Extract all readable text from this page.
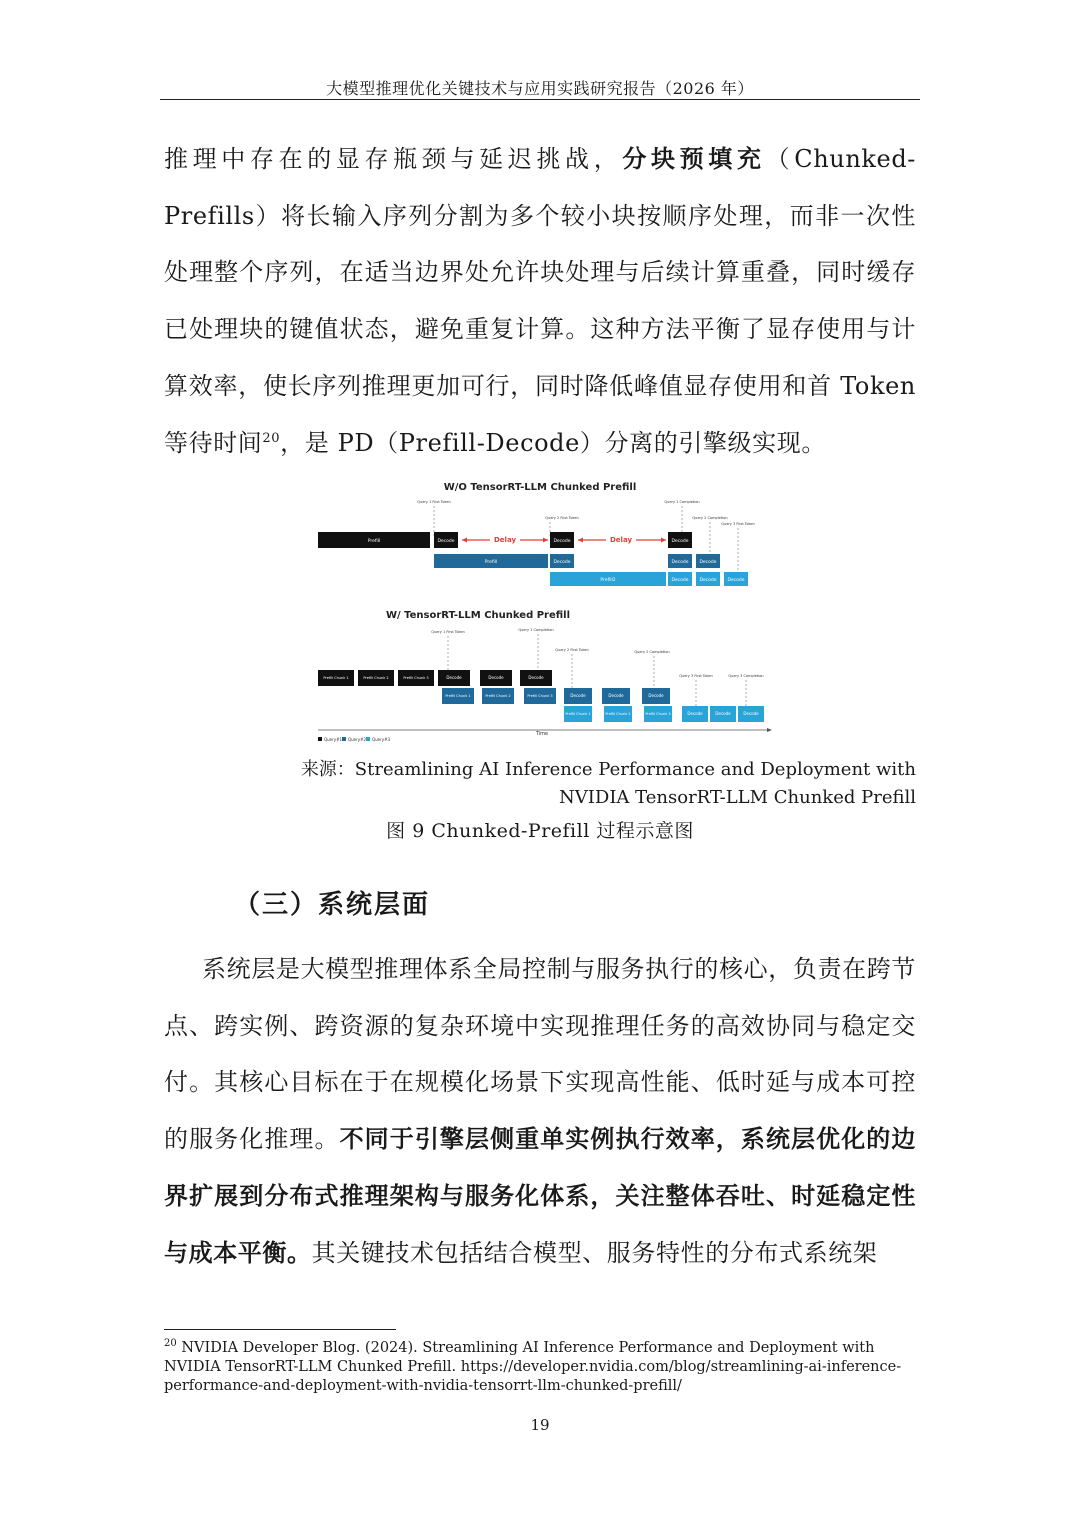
大模型推理优化关键技术与应用实践研究报告（2026 年）

推理中存在的显存瓶颈与延迟挑战，分块预填充（Chunked-Prefills）将长输入序列分割为多个较小块按顺序处理，而非一次性处理整个序列，在适当边界处允许块处理与后续计算重叠，同时缓存已处理块的键值状态，避免重复计算。这种方法平衡了显存使用与计算效率，使长序列推理更加可行，同时降低峰值显存使用和首 Token 等待时间$^{20}$，是 PD（Prefill-Decode）分离的引擎级实现。

W/O TensorRT-LLM Chunked Prefill
Query 1 First Token
Query 2 First Token
Query 1 Completion
Query 2 Completion
Query 3 First Token
Prefill	Decode	Delay	Decode	Delay	Decode
Prefill	Decode	Decode Decode
Prefill2	Decode Decode Decode
W/ TensorRT-LLM Chunked Prefill
Query 1 First Token	Query 1 Completion
Query 2 First Token	Query 2 Completion
Query 3 First Token	Query 3 Completion
Prefill Chunk 1	Prefill Chunk 2	Prefill Chunk 3	Decode	Decode	Decode
Prefill Chunk 1	Prefill Chunk 2	Prefill Chunk 3	Decode	Decode	Decode
Prefill Chunk 1	Prefill Chunk 2	Prefill Chunk 3	Decode	Decode	Decode
Time
Query#1 Query#2 Query#3
来源：Streamlining AI Inference Performance and Deployment with
NVIDIA TensorRT-LLM Chunked Prefill
图 9 Chunked-Prefill 过程示意图
（三）系统层面

系统层是大模型推理体系全局控制与服务执行的核心，负责在跨节点、跨实例、跨资源的复杂环境中实现推理任务的高效协同与稳定交付。其核心目标在于在规模化场景下实现高性能、低时延与成本可控的服务化推理。不同于引擎层侧重单实例执行效率，系统层优化的边界扩展到分布式推理架构与服务化体系，关注整体吞吐、时延稳定性与成本平衡。其关键技术包括结合模型、服务特性的分布式系统架

$^{20}$ NVIDIA Developer Blog. (2024). Streamlining AI Inference Performance and Deployment with NVIDIA TensorRT-LLM Chunked Prefill. https://developer.nvidia.com/blog/streamlining-ai-inference-performance-and-deployment-with-nvidia-tensorrt-llm-chunked-prefill/

19
